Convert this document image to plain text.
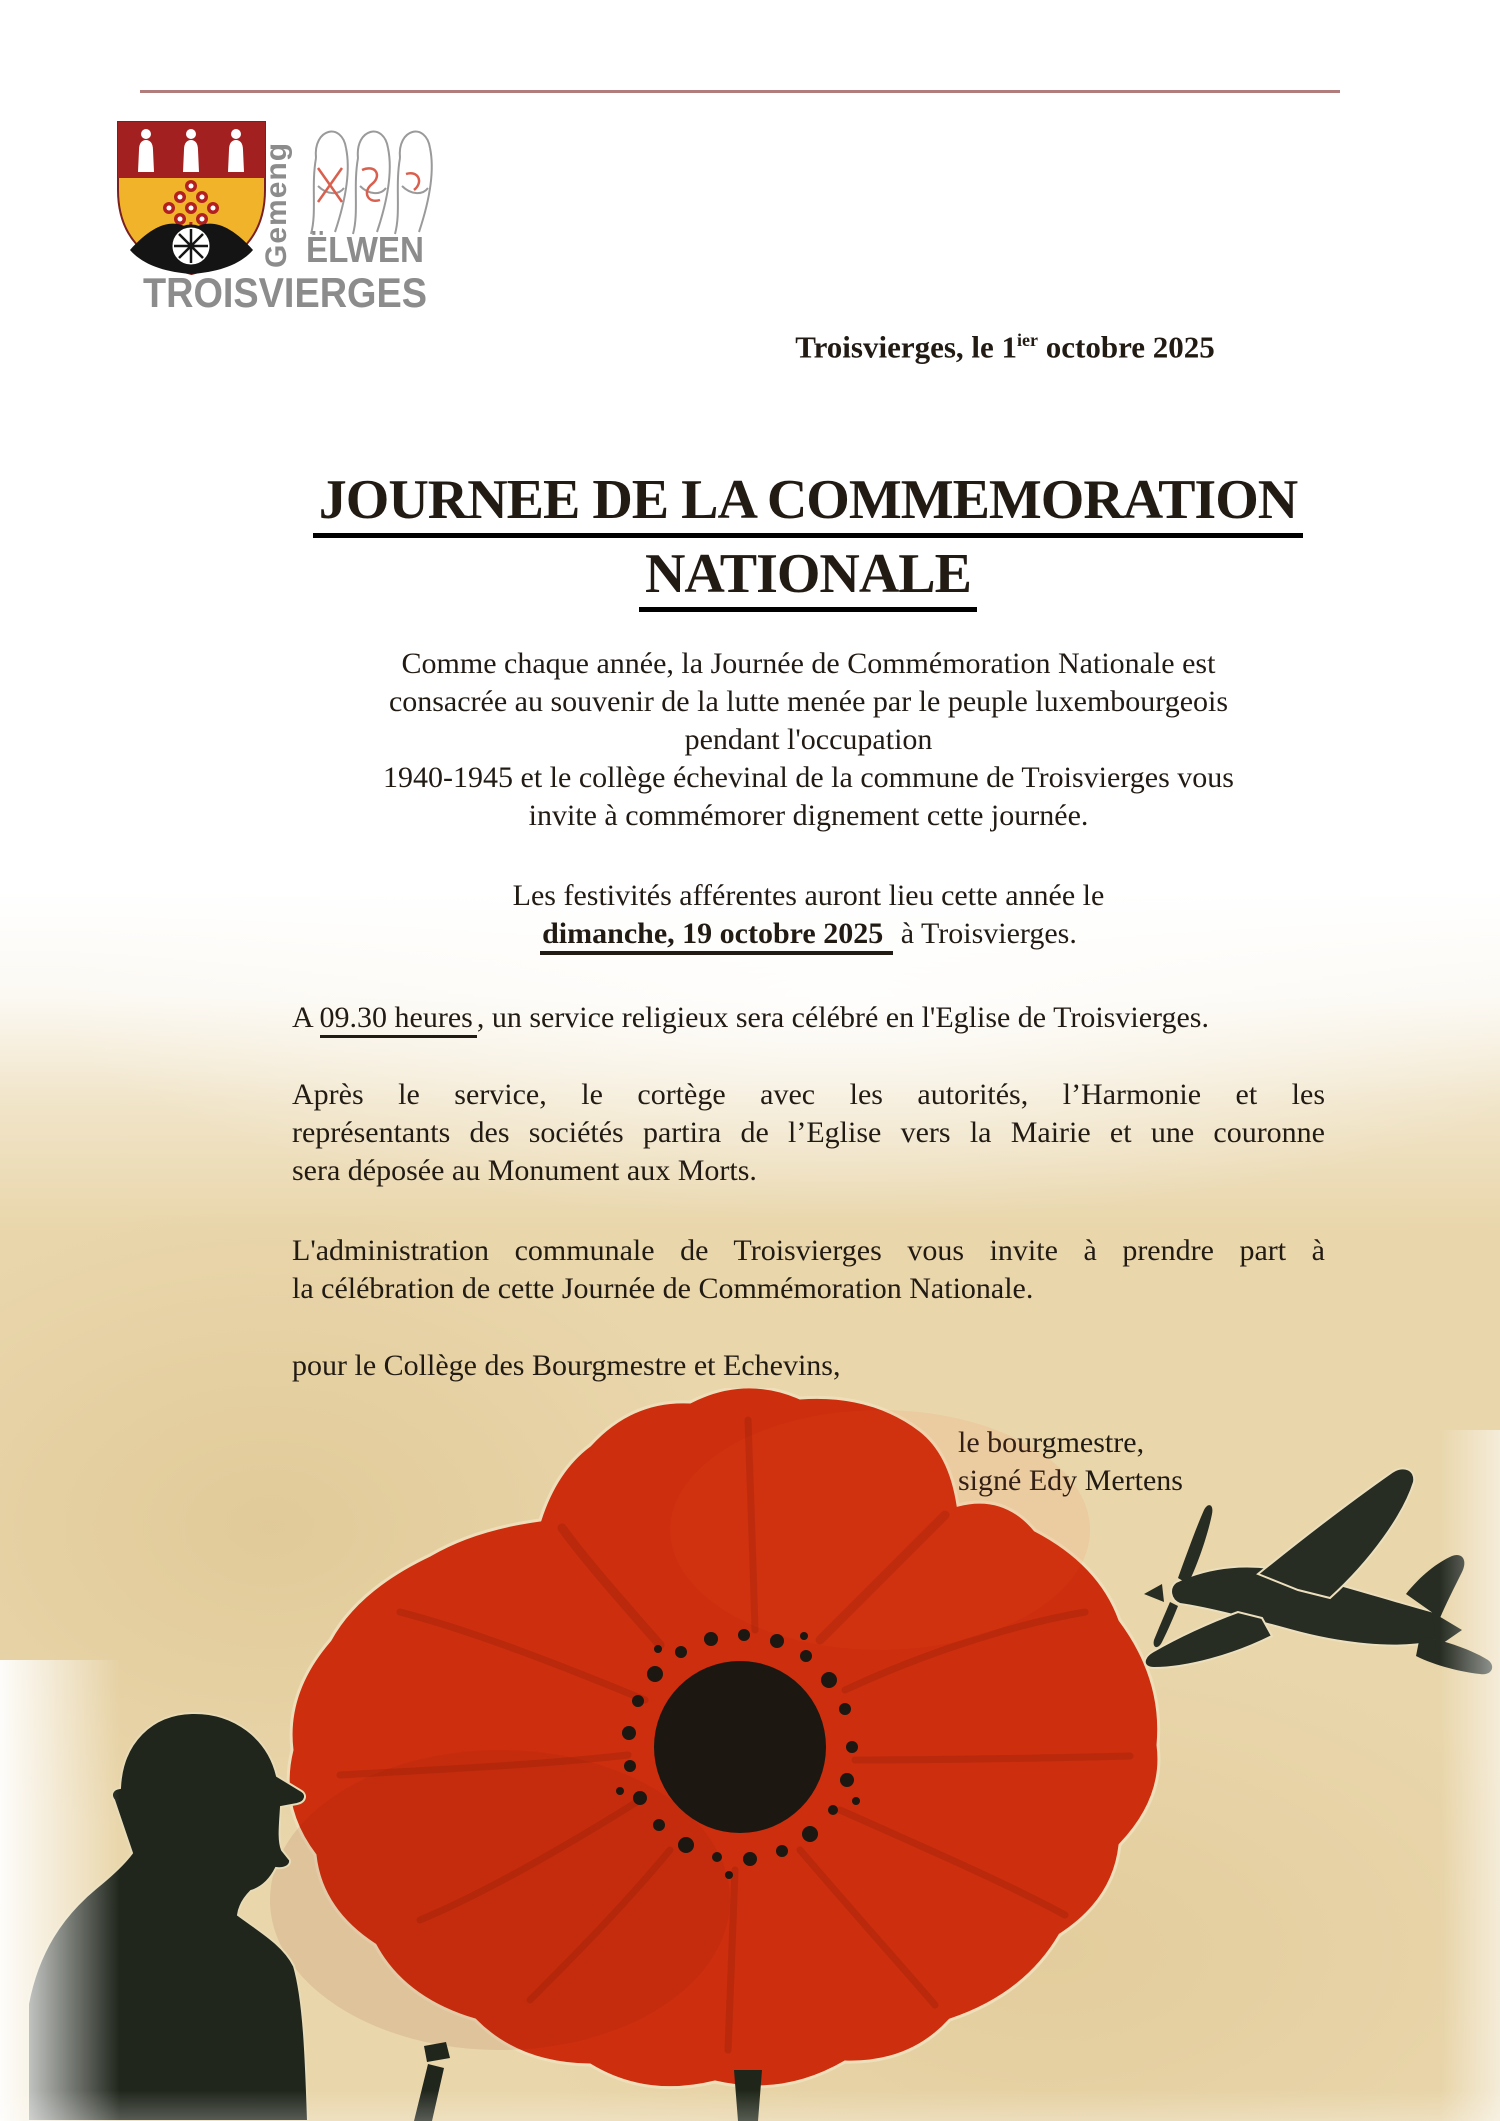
Gemeng ËLWEN
TROISVIERGES
Troisvierges, le $1^{ier}$ octobre 2025
JOURNEE DE LA COMMEMORATION
NATIONALE
Comme chaque année, la Journée de Commémoration Nationale est
consacrée au souvenir de la lutte menée par le peuple luxembourgeois
pendant l'occupation
1940-1945 et le collège échevinal de la commune de Troisvierges vous
invite à commémorer dignement cette journée.
Les festivités afférentes auront lieu cette année le
dimanche, 19 octobre 2025 à Troisvierges.
A 09.30 heures , un service religieux sera célébré en l'Eglise de Troisvierges.
Après le service, le cortège avec les autorités, l’Harmonie et les
représentants des sociétés partira de l’Eglise vers la Mairie et une couronne
sera déposée au Monument aux Morts.
L'administration communale de Troisvierges vous invite à prendre part à
la célébration de cette Journée de Commémoration Nationale.
pour le Collège des Bourgmestre et Echevins,
le bourgmestre,
signé Edy Mertens
